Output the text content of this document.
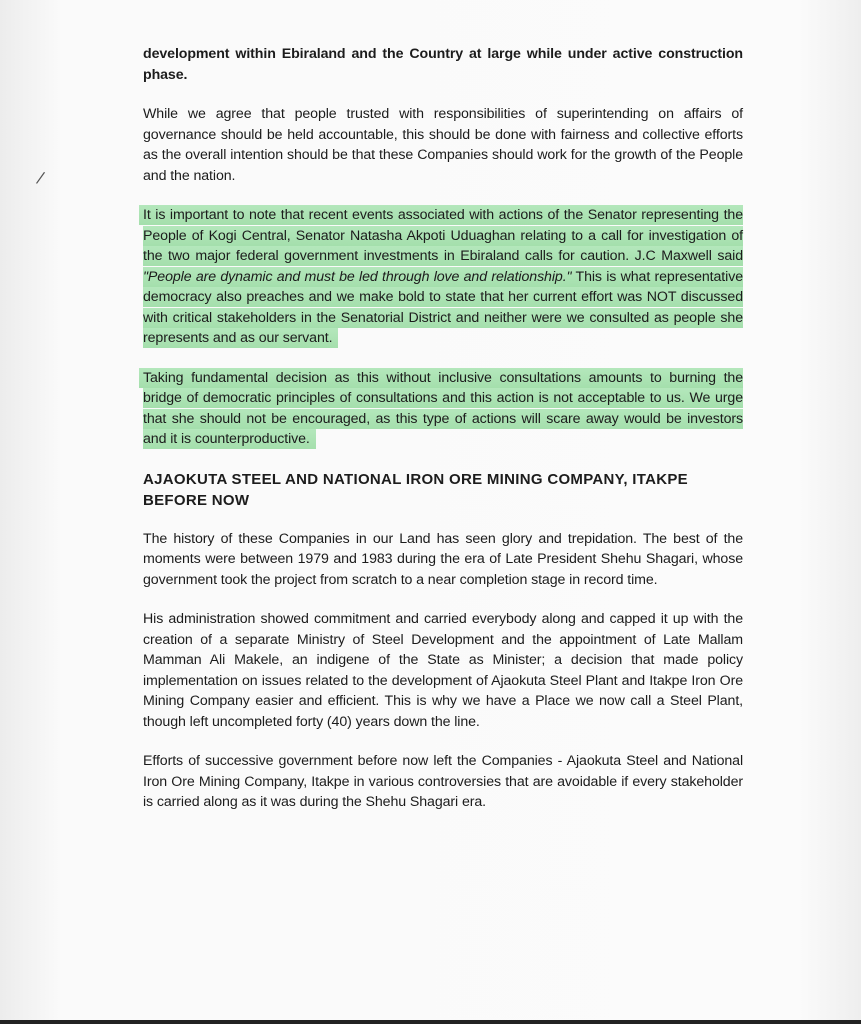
/

development within Ebiraland and the Country at large while under active construction phase.

While we agree that people trusted with responsibilities of superintending on affairs of governance should be held accountable, this should be done with fairness and collective efforts as the overall intention should be that these Companies should work for the growth of the People and the nation.

It is important to note that recent events associated with actions of the Senator representing the People of Kogi Central, Senator Natasha Akpoti Uduaghan relating to a call for investigation of the two major federal government investments in Ebiraland calls for caution. J.C Maxwell said "People are dynamic and must be led through love and relationship." This is what representative democracy also preaches and we make bold to state that her current effort was NOT discussed with critical stakeholders in the Senatorial District and neither were we consulted as people she represents and as our servant.

Taking fundamental decision as this without inclusive consultations amounts to burning the bridge of democratic principles of consultations and this action is not acceptable to us. We urge that she should not be encouraged, as this type of actions will scare away would be investors and it is counterproductive.

AJAOKUTA STEEL AND NATIONAL IRON ORE MINING COMPANY, ITAKPE BEFORE NOW

The history of these Companies in our Land has seen glory and trepidation. The best of the moments were between 1979 and 1983 during the era of Late President Shehu Shagari, whose government took the project from scratch to a near completion stage in record time.

His administration showed commitment and carried everybody along and capped it up with the creation of a separate Ministry of Steel Development and the appointment of Late Mallam Mamman Ali Makele, an indigene of the State as Minister; a decision that made policy implementation on issues related to the development of Ajaokuta Steel Plant and Itakpe Iron Ore Mining Company easier and efficient. This is why we have a Place we now call a Steel Plant, though left uncompleted forty (40) years down the line.

Efforts of successive government before now left the Companies - Ajaokuta Steel and National Iron Ore Mining Company, Itakpe in various controversies that are avoidable if every stakeholder is carried along as it was during the Shehu Shagari era.
